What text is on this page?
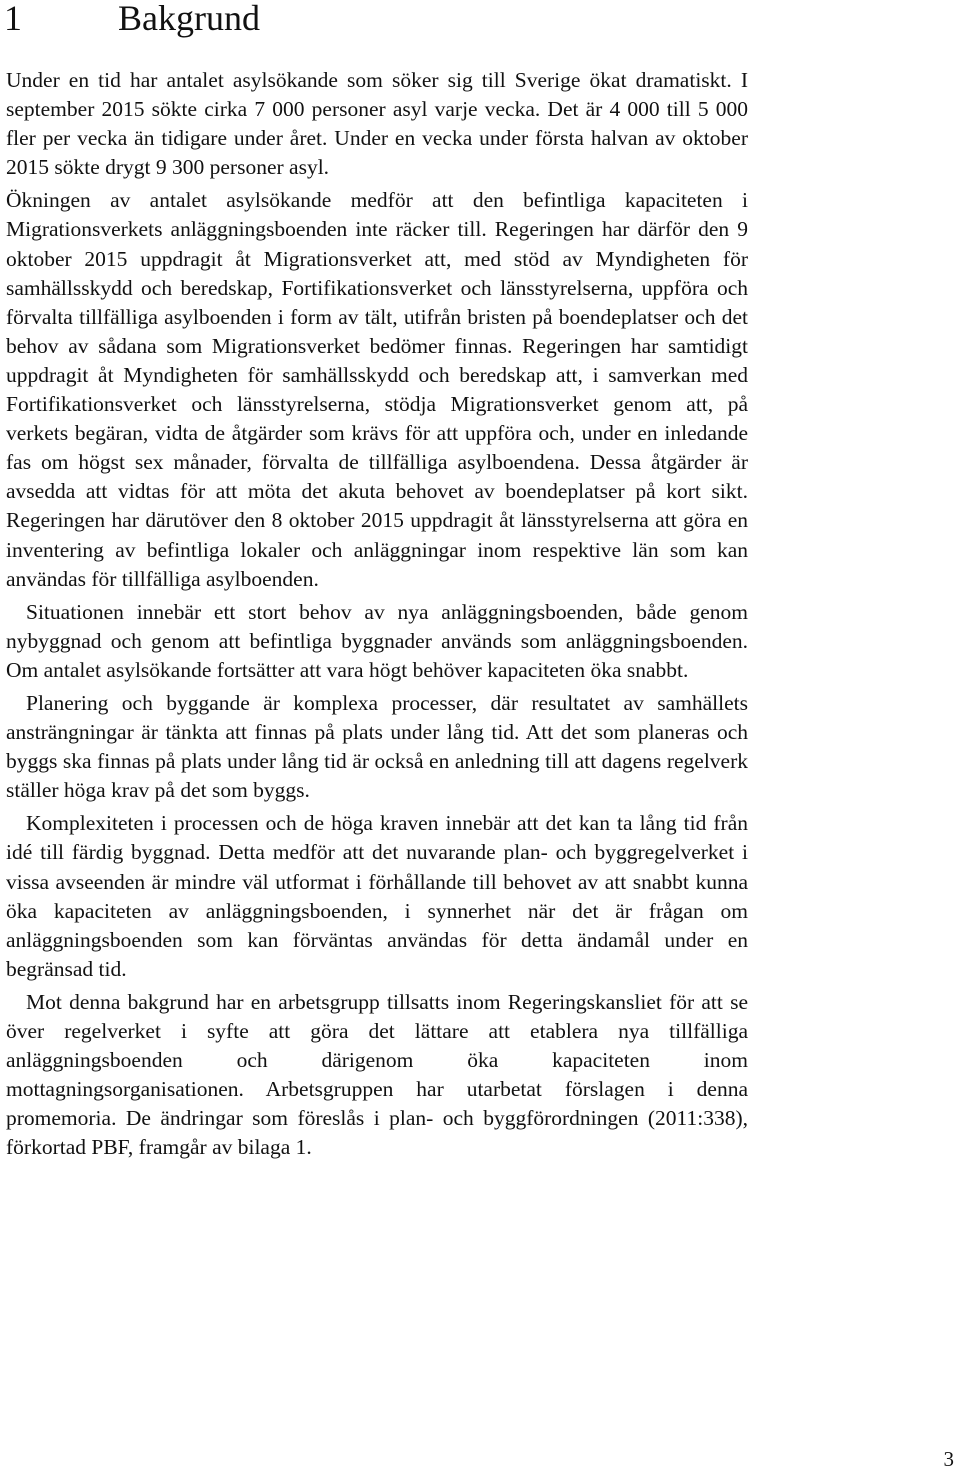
1	Bakgrund

Under en tid har antalet asylsökande som söker sig till Sverige ökat dramatiskt. I september 2015 sökte cirka 7 000 personer asyl varje vecka. Det är 4 000 till 5 000 fler per vecka än tidigare under året. Under en vecka under första halvan av oktober 2015 sökte drygt 9 300 personer asyl.

Ökningen av antalet asylsökande medför att den befintliga kapaciteten i Migrationsverkets anläggningsboenden inte räcker till. Regeringen har därför den 9 oktober 2015 uppdragit åt Migrationsverket att, med stöd av Myndigheten för samhällsskydd och beredskap, Fortifikationsverket och länsstyrelserna, uppföra och förvalta tillfälliga asylboenden i form av tält, utifrån bristen på boendeplatser och det behov av sådana som Migrationsverket bedömer finnas. Regeringen har samtidigt uppdragit åt Myndigheten för samhällsskydd och beredskap att, i samverkan med Fortifikationsverket och länsstyrelserna, stödja Migrationsverket genom att, på verkets begäran, vidta de åtgärder som krävs för att uppföra och, under en inledande fas om högst sex månader, förvalta de tillfälliga asylboendena. Dessa åtgärder är avsedda att vidtas för att möta det akuta behovet av boendeplatser på kort sikt. Regeringen har därutöver den 8 oktober 2015 uppdragit åt länsstyrelserna att göra en inventering av befintliga lokaler och anläggningar inom respektive län som kan användas för tillfälliga asylboenden.

Situationen innebär ett stort behov av nya anläggningsboenden, både genom nybyggnad och genom att befintliga byggnader används som anläggningsboenden. Om antalet asylsökande fortsätter att vara högt behöver kapaciteten öka snabbt.

Planering och byggande är komplexa processer, där resultatet av samhällets ansträngningar är tänkta att finnas på plats under lång tid. Att det som planeras och byggs ska finnas på plats under lång tid är också en anledning till att dagens regelverk ställer höga krav på det som byggs.

Komplexiteten i processen och de höga kraven innebär att det kan ta lång tid från idé till färdig byggnad. Detta medför att det nuvarande plan- och byggregelverket i vissa avseenden är mindre väl utformat i förhållande till behovet av att snabbt kunna öka kapaciteten av anläggningsboenden, i synnerhet när det är frågan om anläggningsboenden som kan förväntas användas för detta ändamål under en begränsad tid.

Mot denna bakgrund har en arbetsgrupp tillsatts inom Regeringskansliet för att se över regelverket i syfte att göra det lättare att etablera nya tillfälliga anläggningsboenden och därigenom öka kapaciteten inom mottagningsorganisationen. Arbetsgruppen har utarbetat förslagen i denna promemoria. De ändringar som föreslås i plan- och byggförordningen (2011:338), förkortad PBF, framgår av bilaga 1.

3
